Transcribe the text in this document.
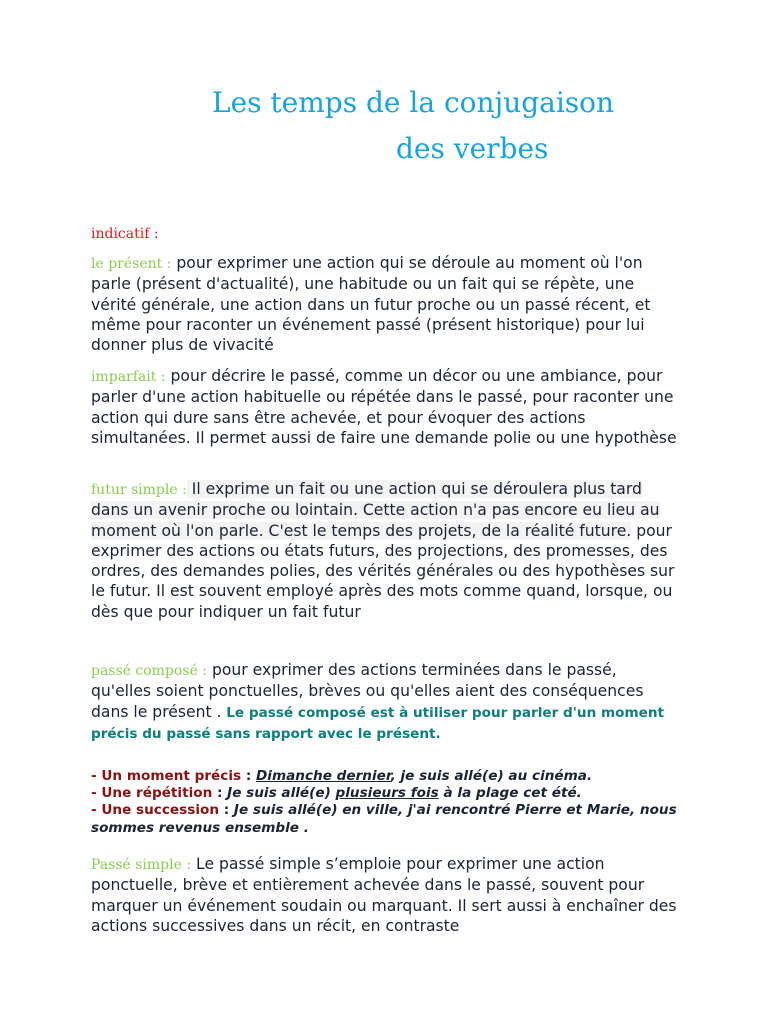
Les temps de la conjugaison
des verbes
indicatif :

le présent : pour exprimer une action qui se déroule au moment où l'on parle (présent d'actualité), une habitude ou un fait qui se répète, une vérité générale, une action dans un futur proche ou un passé récent, et même pour raconter un événement passé (présent historique) pour lui donner plus de vivacité

imparfait : pour décrire le passé, comme un décor ou une ambiance, pour parler d'une action habituelle ou répétée dans le passé, pour raconter une action qui dure sans être achevée, et pour évoquer des actions simultanées. Il permet aussi de faire une demande polie ou une hypothèse

futur simple : Il exprime un fait ou une action qui se déroulera plus tard dans un avenir proche ou lointain. Cette action n'a pas encore eu lieu au moment où l'on parle. C'est le temps des projets, de la réalité future. pour exprimer des actions ou états futurs, des projections, des promesses, des ordres, des demandes polies, des vérités générales ou des hypothèses sur le futur. Il est souvent employé après des mots comme quand, lorsque, ou dès que pour indiquer un fait futur

passé composé : pour exprimer des actions terminées dans le passé, qu'elles soient ponctuelles, brèves ou qu'elles aient des conséquences dans le présent . Le passé composé est à utiliser pour parler d'un moment précis du passé sans rapport avec le présent.

- Un moment précis : Dimanche dernier, je suis allé(e) au cinéma.
- Une répétition : Je suis allé(e) plusieurs fois à la plage cet été.
- Une succession : Je suis allé(e) en ville, j'ai rencontré Pierre et Marie, nous sommes revenus ensemble .

Passé simple : Le passé simple s’emploie pour exprimer une action ponctuelle, brève et entièrement achevée dans le passé, souvent pour marquer un événement soudain ou marquant. Il sert aussi à enchaîner des actions successives dans un récit, en contraste
